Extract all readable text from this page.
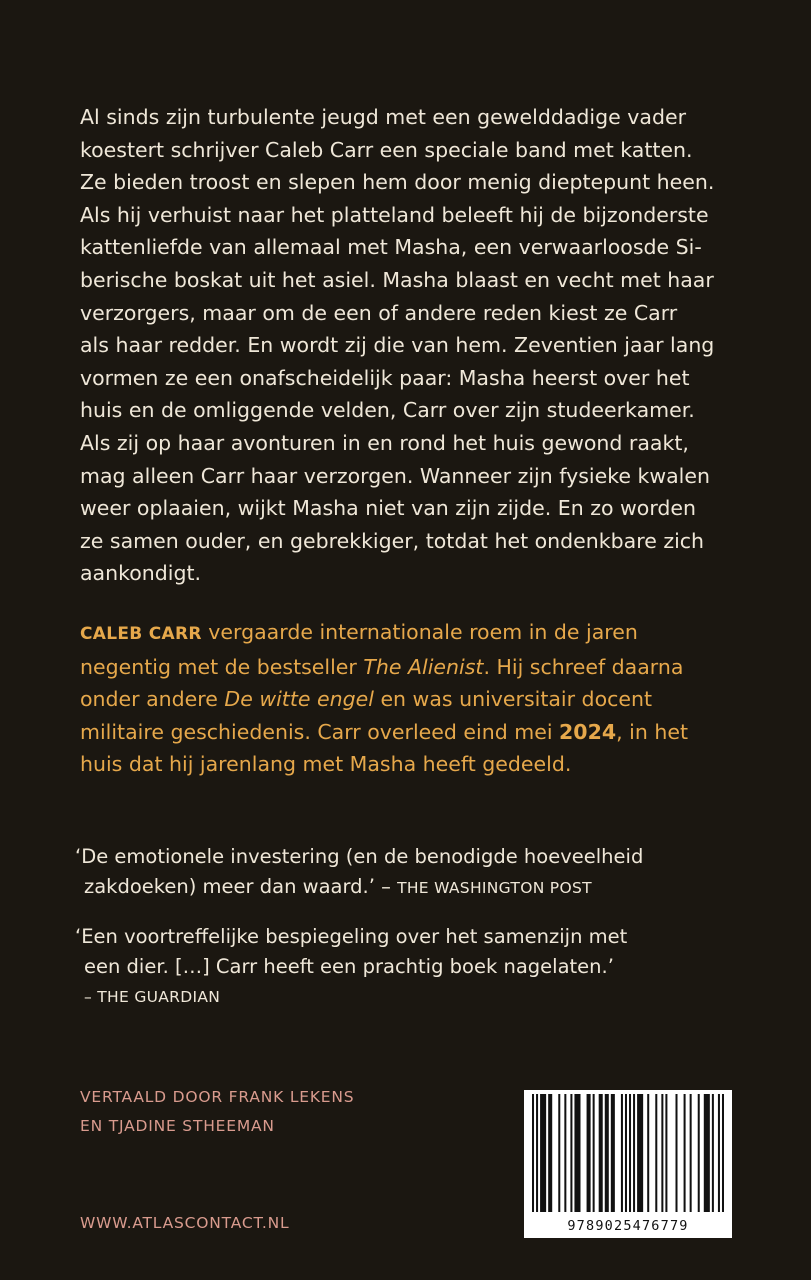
Al sinds zijn turbulente jeugd met een gewelddadige vader
koestert schrijver Caleb Carr een speciale band met katten.
Ze bieden troost en slepen hem door menig dieptepunt heen.
Als hij verhuist naar het platteland beleeft hij de bijzonderste
kattenliefde van allemaal met Masha, een verwaarloosde Si-
berische boskat uit het asiel. Masha blaast en vecht met haar
verzorgers, maar om de een of andere reden kiest ze Carr
als haar redder. En wordt zij die van hem. Zeventien jaar lang
vormen ze een onafscheidelijk paar: Masha heerst over het
huis en de omliggende velden, Carr over zijn studeerkamer.
Als zij op haar avonturen in en rond het huis gewond raakt,
mag alleen Carr haar verzorgen. Wanneer zijn fysieke kwalen
weer oplaaien, wijkt Masha niet van zijn zijde. En zo worden
ze samen ouder, en gebrekkiger, totdat het ondenkbare zich
aankondigt.
CALEB CARR vergaarde internationale roem in de jaren
negentig met de bestseller The Alienist. Hij schreef daarna
onder andere De witte engel en was universitair docent
militaire geschiedenis. Carr overleed eind mei 2024, in het
huis dat hij jarenlang met Masha heeft gedeeld.
‘De emotionele investering (en de benodigde hoeveelheid
zakdoeken) meer dan waard.’ – THE WASHINGTON POST
‘Een voortreffelijke bespiegeling over het samenzijn met
een dier. […] Carr heeft een prachtig boek nagelaten.’
– THE GUARDIAN
VERTAALD DOOR FRANK LEKENS
EN TJADINE STHEEMAN
WWW.ATLASCONTACT.NL	9789025476779
